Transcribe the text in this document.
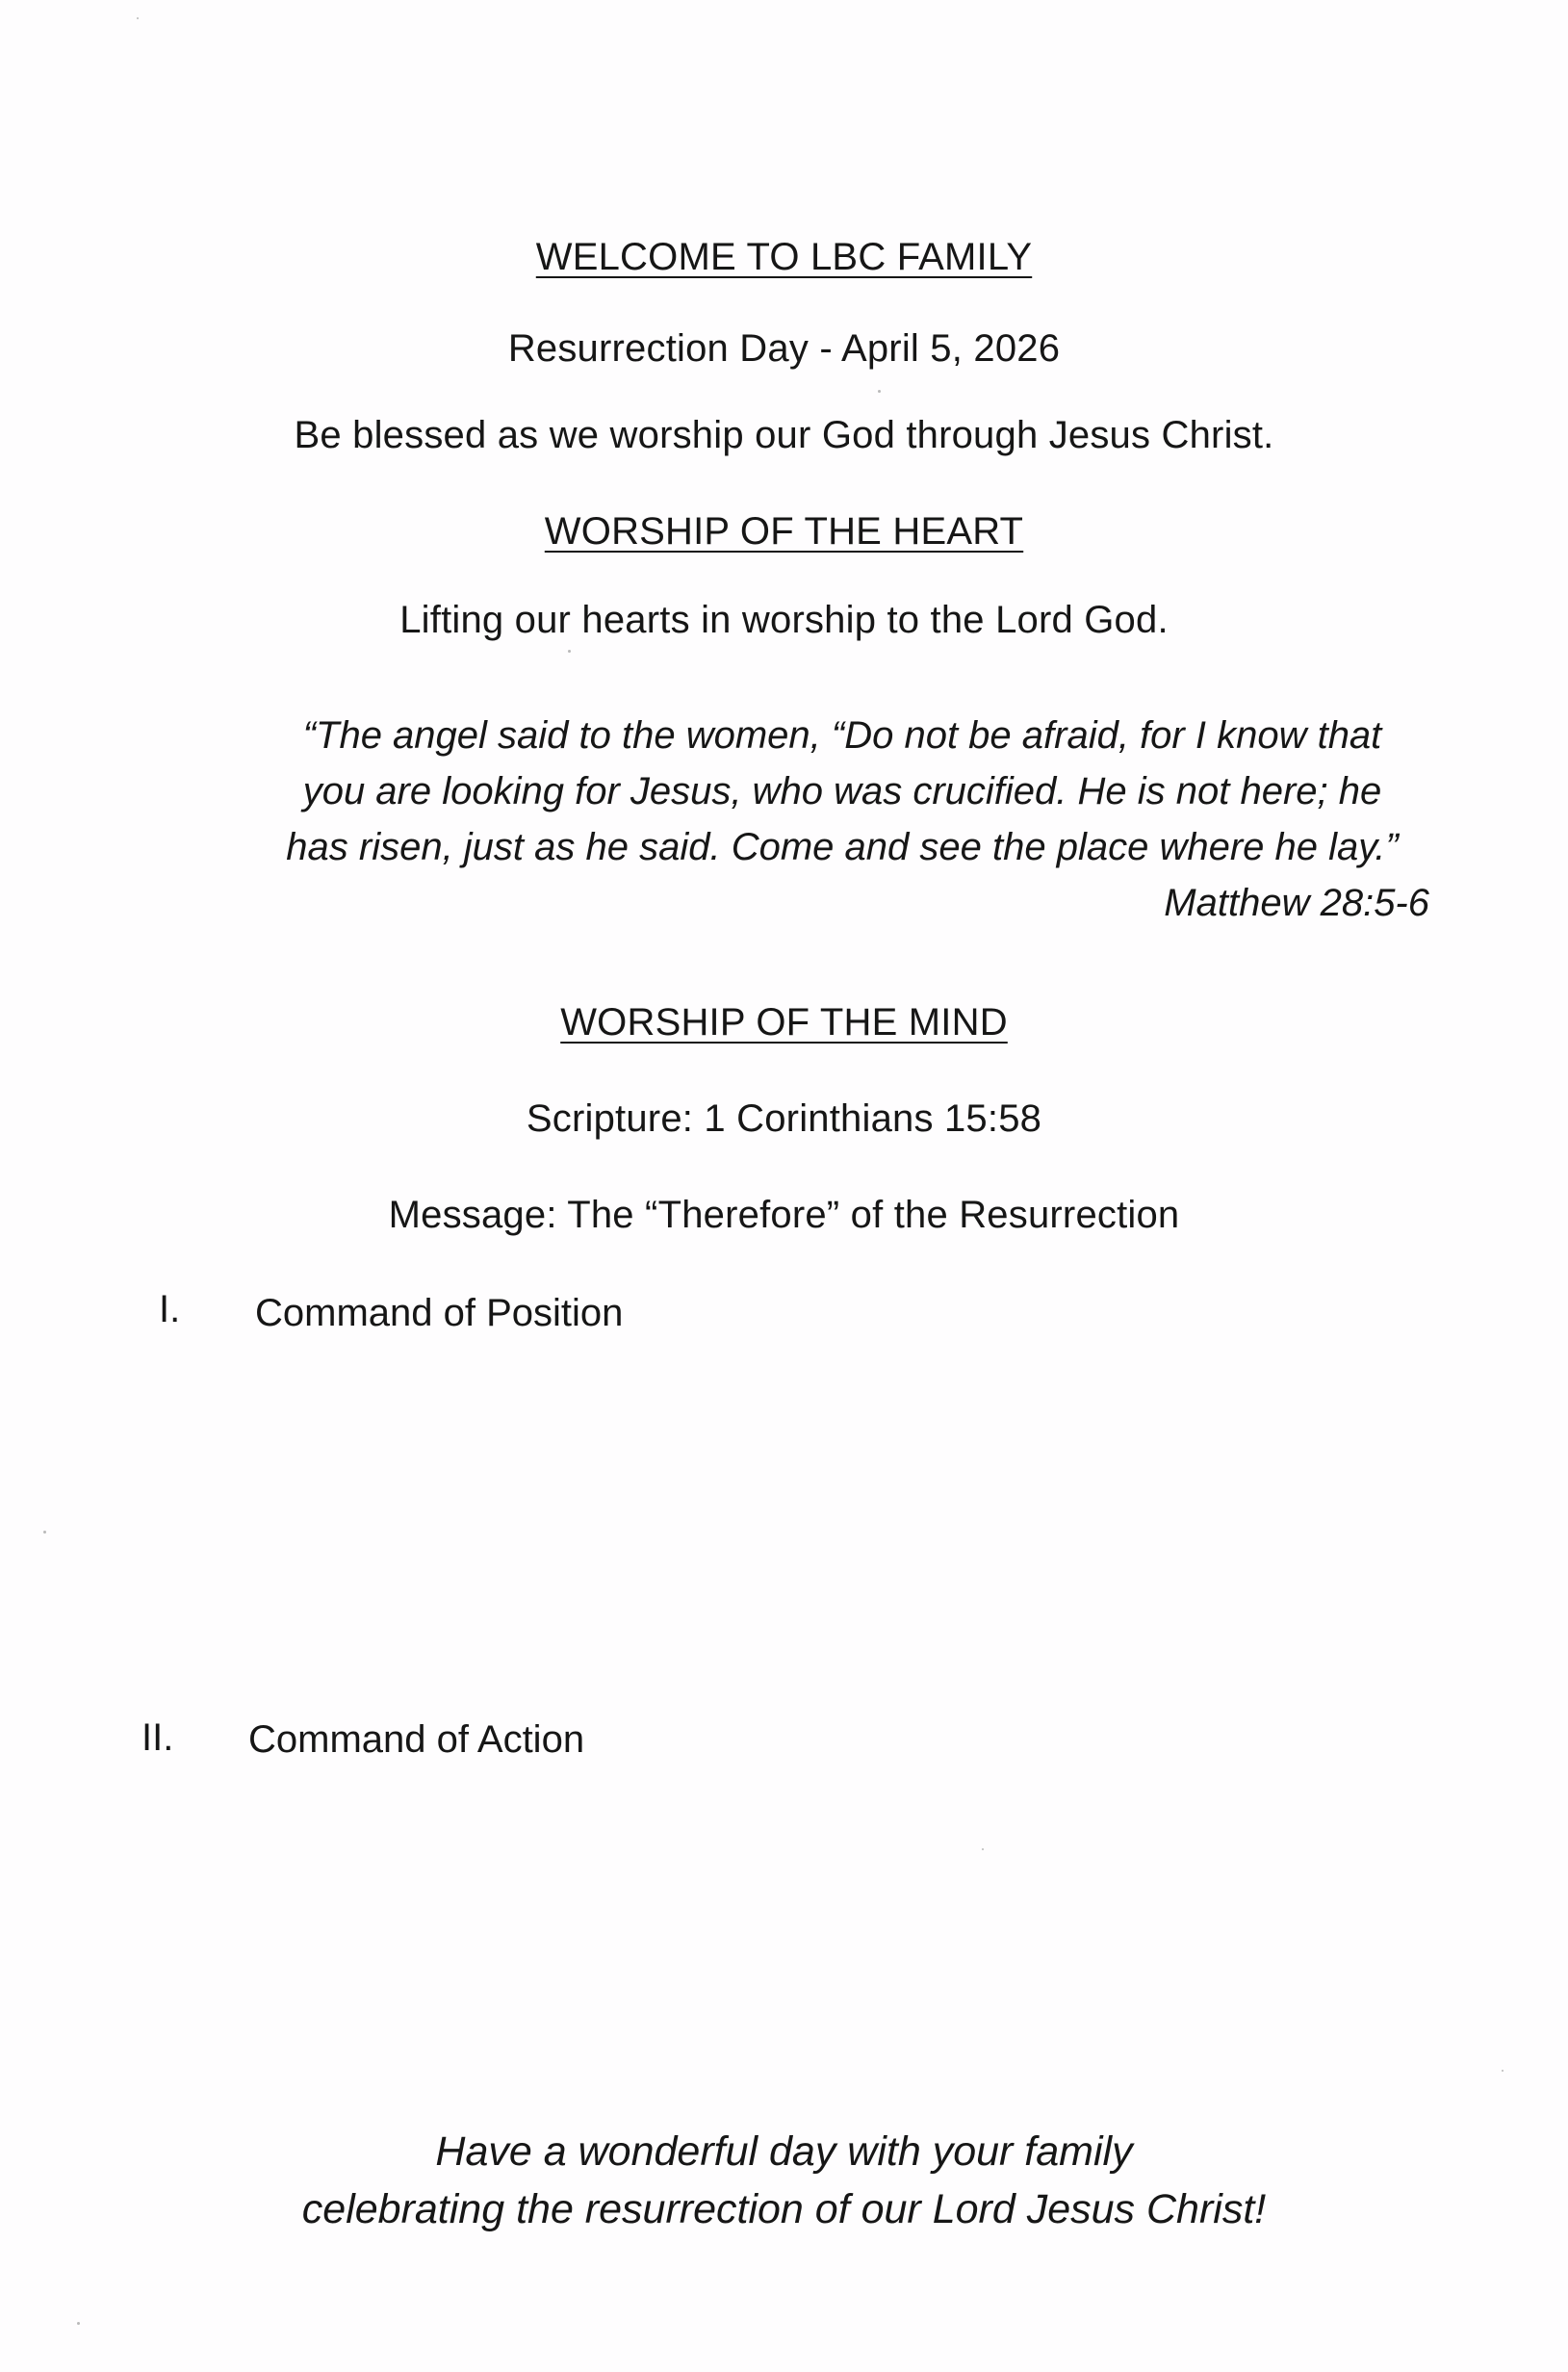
WELCOME TO LBC FAMILY
Resurrection Day - April 5, 2026
Be blessed as we worship our God through Jesus Christ.
WORSHIP OF THE HEART
Lifting our hearts in worship to the Lord God.
“The angel said to the women, “Do not be afraid, for I know that
you are looking for Jesus, who was crucified. He is not here; he
has risen, just as he said. Come and see the place where he lay.”
Matthew 28:5-6
WORSHIP OF THE MIND
Scripture: 1 Corinthians 15:58
Message: The “Therefore” of the Resurrection
I. Command of Position
II. Command of Action
Have a wonderful day with your family
celebrating the resurrection of our Lord Jesus Christ!
